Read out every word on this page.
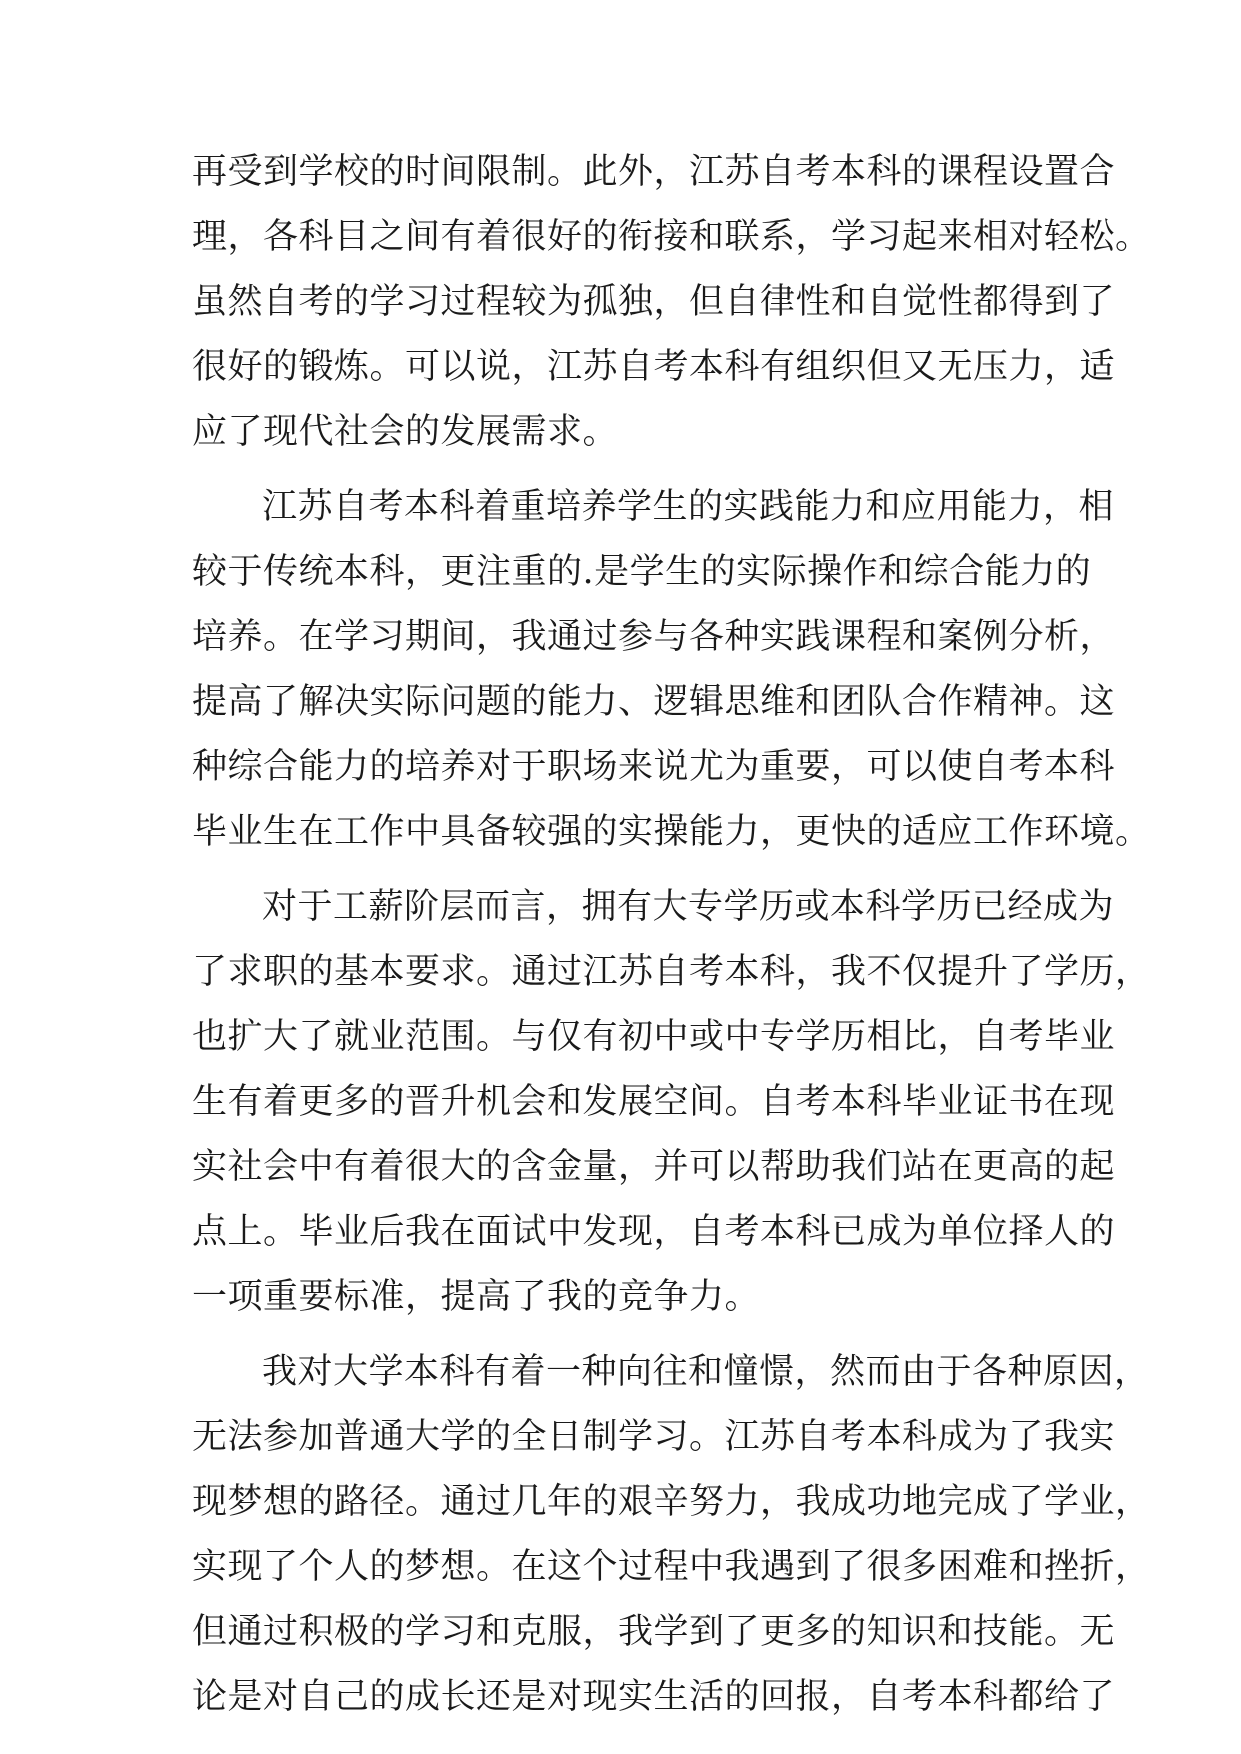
再受到学校的时间限制。此外，江苏自考本科的课程设置合
理，各科目之间有着很好的衔接和联系，学习起来相对轻松。
虽然自考的学习过程较为孤独，但自律性和自觉性都得到了
很好的锻炼。可以说，江苏自考本科有组织但又无压力，适
应了现代社会的发展需求。
江苏自考本科着重培养学生的实践能力和应用能力，相
较于传统本科，更注重的.是学生的实际操作和综合能力的
培养。在学习期间，我通过参与各种实践课程和案例分析，
提高了解决实际问题的能力、逻辑思维和团队合作精神。这
种综合能力的培养对于职场来说尤为重要，可以使自考本科
毕业生在工作中具备较强的实操能力，更快的适应工作环境。
对于工薪阶层而言，拥有大专学历或本科学历已经成为
了求职的基本要求。通过江苏自考本科，我不仅提升了学历，
也扩大了就业范围。与仅有初中或中专学历相比，自考毕业
生有着更多的晋升机会和发展空间。自考本科毕业证书在现
实社会中有着很大的含金量，并可以帮助我们站在更高的起
点上。毕业后我在面试中发现，自考本科已成为单位择人的
一项重要标准，提高了我的竞争力。
我对大学本科有着一种向往和憧憬，然而由于各种原因，
无法参加普通大学的全日制学习。江苏自考本科成为了我实
现梦想的路径。通过几年的艰辛努力，我成功地完成了学业，
实现了个人的梦想。在这个过程中我遇到了很多困难和挫折，
但通过积极的学习和克服，我学到了更多的知识和技能。无
论是对自己的成长还是对现实生活的回报，自考本科都给了
